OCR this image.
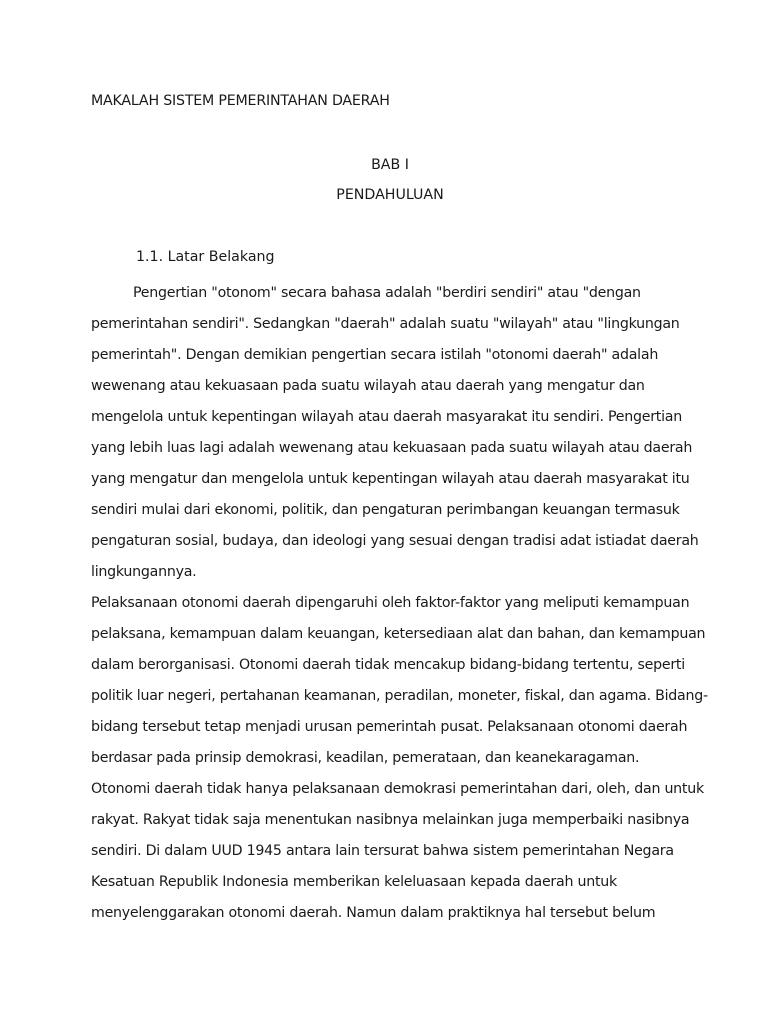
MAKALAH SISTEM PEMERINTAHAN DAERAH
BAB I
PENDAHULUAN
1.1. Latar Belakang
Pengertian "otonom" secara bahasa adalah "berdiri sendiri" atau "dengan
pemerintahan sendiri". Sedangkan "daerah" adalah suatu "wilayah" atau "lingkungan
pemerintah". Dengan demikian pengertian secara istilah "otonomi daerah" adalah
wewenang atau kekuasaan pada suatu wilayah atau daerah yang mengatur dan
mengelola untuk kepentingan wilayah atau daerah masyarakat itu sendiri. Pengertian
yang lebih luas lagi adalah wewenang atau kekuasaan pada suatu wilayah atau daerah
yang mengatur dan mengelola untuk kepentingan wilayah atau daerah masyarakat itu
sendiri mulai dari ekonomi, politik, dan pengaturan perimbangan keuangan termasuk
pengaturan sosial, budaya, dan ideologi yang sesuai dengan tradisi adat istiadat daerah
lingkungannya.
Pelaksanaan otonomi daerah dipengaruhi oleh faktor-faktor yang meliputi kemampuan
pelaksana, kemampuan dalam keuangan, ketersediaan alat dan bahan, dan kemampuan
dalam berorganisasi. Otonomi daerah tidak mencakup bidang-bidang tertentu, seperti
politik luar negeri, pertahanan keamanan, peradilan, moneter, fiskal, dan agama. Bidang-
bidang tersebut tetap menjadi urusan pemerintah pusat. Pelaksanaan otonomi daerah
berdasar pada prinsip demokrasi, keadilan, pemerataan, dan keanekaragaman.
Otonomi daerah tidak hanya pelaksanaan demokrasi pemerintahan dari, oleh, dan untuk
rakyat. Rakyat tidak saja menentukan nasibnya melainkan juga memperbaiki nasibnya
sendiri. Di dalam UUD 1945 antara lain tersurat bahwa sistem pemerintahan Negara
Kesatuan Republik Indonesia memberikan keleluasaan kepada daerah untuk
menyelenggarakan otonomi daerah. Namun dalam praktiknya hal tersebut belum
